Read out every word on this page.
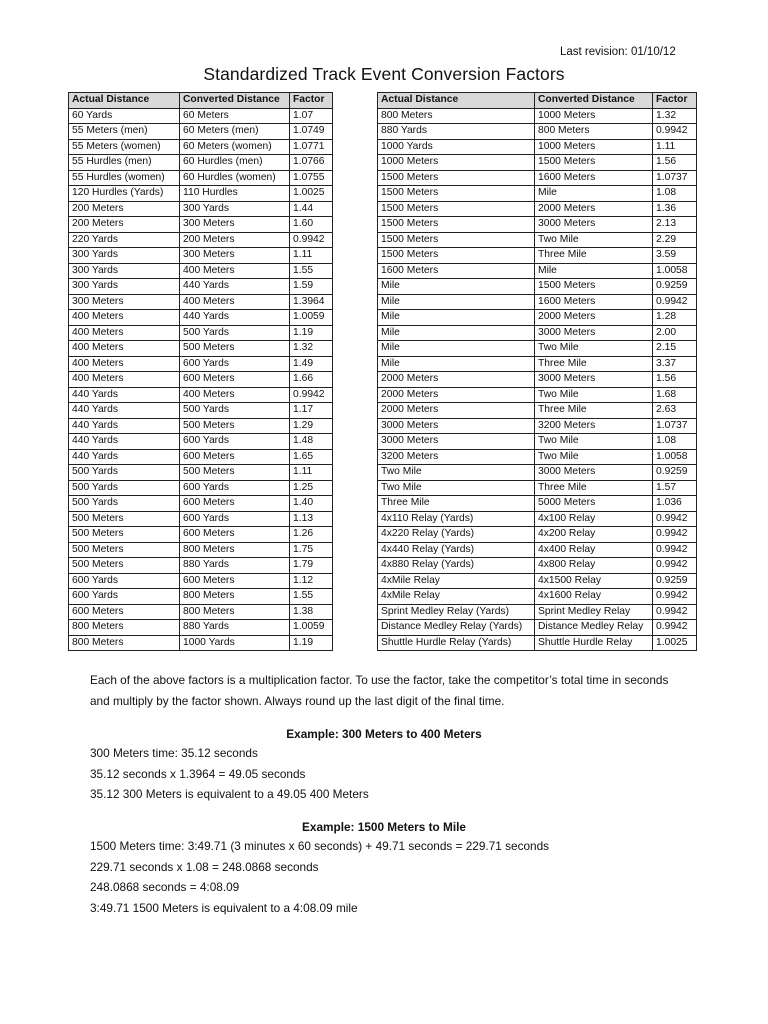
Last revision: 01/10/12
Standardized Track Event Conversion Factors
Actual Distance	Converted Distance	Factor
60 Yards	60 Meters	1.07
55 Meters (men)	60 Meters (men)	1.0749
55 Meters (women)	60 Meters (women)	1.0771
55 Hurdles (men)	60 Hurdles (men)	1.0766
55 Hurdles (women)	60 Hurdles (women)	1.0755
120 Hurdles (Yards)	110 Hurdles	1.0025
200 Meters	300 Yards	1.44
200 Meters	300 Meters	1.60
220 Yards	200 Meters	0.9942
300 Yards	300 Meters	1.11
300 Yards	400 Meters	1.55
300 Yards	440 Yards	1.59
300 Meters	400 Meters	1.3964
400 Meters	440 Yards	1.0059
400 Meters	500 Yards	1.19
400 Meters	500 Meters	1.32
400 Meters	600 Yards	1.49
400 Meters	600 Meters	1.66
440 Yards	400 Meters	0.9942
440 Yards	500 Yards	1.17
440 Yards	500 Meters	1.29
440 Yards	600 Yards	1.48
440 Yards	600 Meters	1.65
500 Yards	500 Meters	1.11
500 Yards	600 Yards	1.25
500 Yards	600 Meters	1.40
500 Meters	600 Yards	1.13
500 Meters	600 Meters	1.26
500 Meters	800 Meters	1.75
500 Meters	880 Yards	1.79
600 Yards	600 Meters	1.12
600 Yards	800 Meters	1.55
600 Meters	800 Meters	1.38
800 Meters	880 Yards	1.0059
800 Meters	1000 Yards	1.19
Actual Distance	Converted Distance	Factor
800 Meters	1000 Meters	1.32
880 Yards	800 Meters	0.9942
1000 Yards	1000 Meters	1.11
1000 Meters	1500 Meters	1.56
1500 Meters	1600 Meters	1.0737
1500 Meters	Mile	1.08
1500 Meters	2000 Meters	1.36
1500 Meters	3000 Meters	2.13
1500 Meters	Two Mile	2.29
1500 Meters	Three Mile	3.59
1600 Meters	Mile	1.0058
Mile	1500 Meters	0.9259
Mile	1600 Meters	0.9942
Mile	2000 Meters	1.28
Mile	3000 Meters	2.00
Mile	Two Mile	2.15
Mile	Three Mile	3.37
2000 Meters	3000 Meters	1.56
2000 Meters	Two Mile	1.68
2000 Meters	Three Mile	2.63
3000 Meters	3200 Meters	1.0737
3000 Meters	Two Mile	1.08
3200 Meters	Two Mile	1.0058
Two Mile	3000 Meters	0.9259
Two Mile	Three Mile	1.57
Three Mile	5000 Meters	1.036
4x110 Relay (Yards)	4x100 Relay	0.9942
4x220 Relay (Yards)	4x200 Relay	0.9942
4x440 Relay (Yards)	4x400 Relay	0.9942
4x880 Relay (Yards)	4x800 Relay	0.9942
4xMile Relay	4x1500 Relay	0.9259
4xMile Relay	4x1600 Relay	0.9942
Sprint Medley Relay (Yards)	Sprint Medley Relay	0.9942
Distance Medley Relay (Yards)	Distance Medley Relay	0.9942
Shuttle Hurdle Relay (Yards)	Shuttle Hurdle Relay	1.0025
Each of the above factors is a multiplication factor. To use the factor, take the competitor’s total time in seconds and multiply by the factor shown. Always round up the last digit of the final time.
Example: 300 Meters to 400 Meters
300 Meters time: 35.12 seconds
35.12 seconds x 1.3964 = 49.05 seconds
35.12 300 Meters is equivalent to a 49.05 400 Meters
Example: 1500 Meters to Mile
1500 Meters time: 3:49.71 (3 minutes x 60 seconds) + 49.71 seconds = 229.71 seconds
229.71 seconds x 1.08 = 248.0868 seconds
248.0868 seconds = 4:08.09
3:49.71 1500 Meters is equivalent to a 4:08.09 mile
